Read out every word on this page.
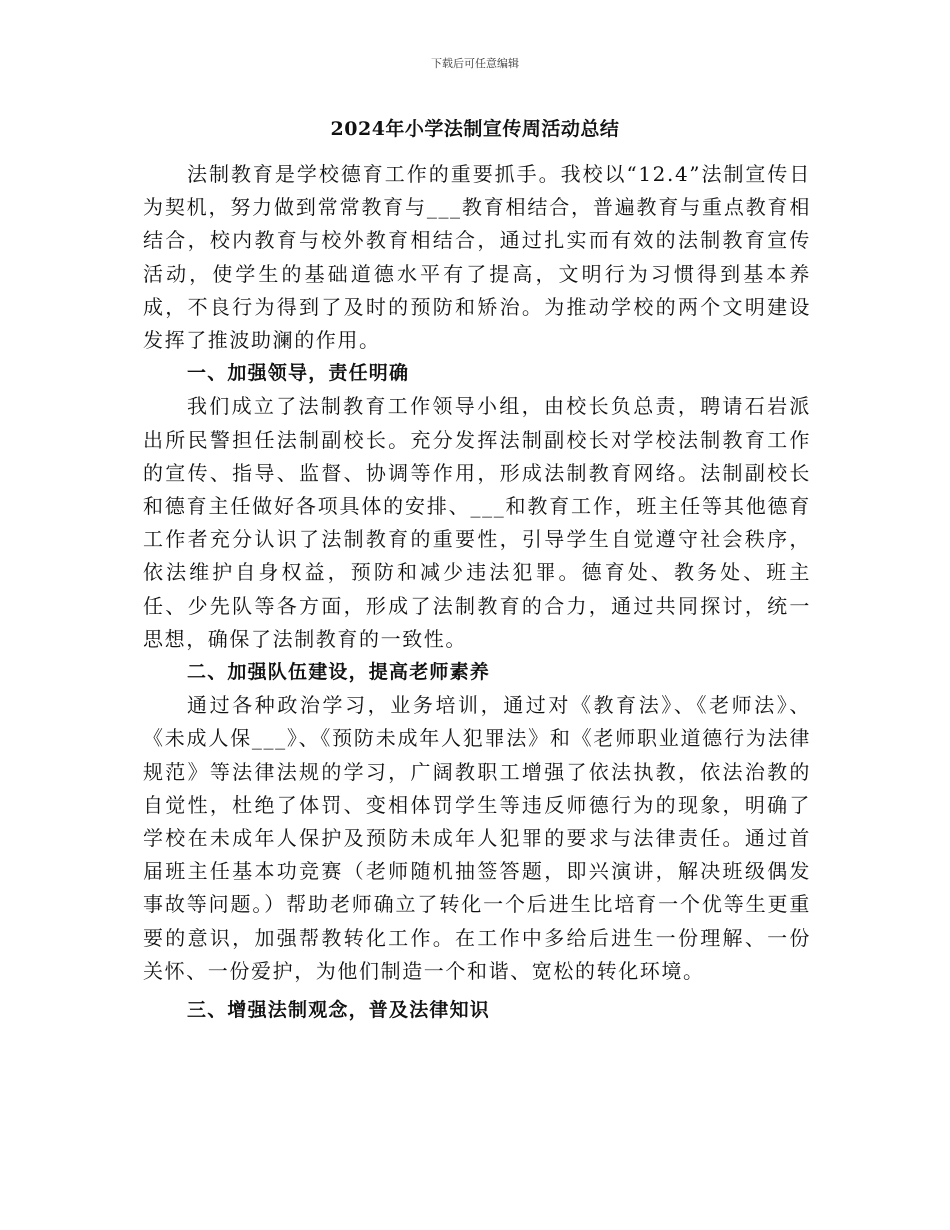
下载后可任意编辑
2024年小学法制宣传周活动总结

法制教育是学校德育工作的重要抓手。我校以“12.4”法制宣传日为契机，努力做到常常教育与___教育相结合，普遍教育与重点教育相结合，校内教育与校外教育相结合，通过扎实而有效的法制教育宣传活动，使学生的基础道德水平有了提高，文明行为习惯得到基本养成，不良行为得到了及时的预防和矫治。为推动学校的两个文明建设发挥了推波助澜的作用。

一、加强领导，责任明确

我们成立了法制教育工作领导小组，由校长负总责，聘请石岩派出所民警担任法制副校长。充分发挥法制副校长对学校法制教育工作的宣传、指导、监督、协调等作用，形成法制教育网络。法制副校长和德育主任做好各项具体的安排、___和教育工作，班主任等其他德育工作者充分认识了法制教育的重要性，引导学生自觉遵守社会秩序，依法维护自身权益，预防和减少违法犯罪。德育处、教务处、班主任、少先队等各方面，形成了法制教育的合力，通过共同探讨，统一思想，确保了法制教育的一致性。

二、加强队伍建设，提高老师素养

通过各种政治学习，业务培训，通过对《教育法》、《老师法》、《未成人保___》、《预防未成年人犯罪法》和《老师职业道德行为法律规范》等法律法规的学习，广阔教职工增强了依法执教，依法治教的自觉性，杜绝了体罚、变相体罚学生等违反师德行为的现象，明确了学校在未成年人保护及预防未成年人犯罪的要求与法律责任。通过首届班主任基本功竞赛（老师随机抽签答题，即兴演讲，解决班级偶发事故等问题。）帮助老师确立了转化一个后进生比培育一个优等生更重要的意识，加强帮教转化工作。在工作中多给后进生一份理解、一份关怀、一份爱护，为他们制造一个和谐、宽松的转化环境。

三、增强法制观念，普及法律知识
